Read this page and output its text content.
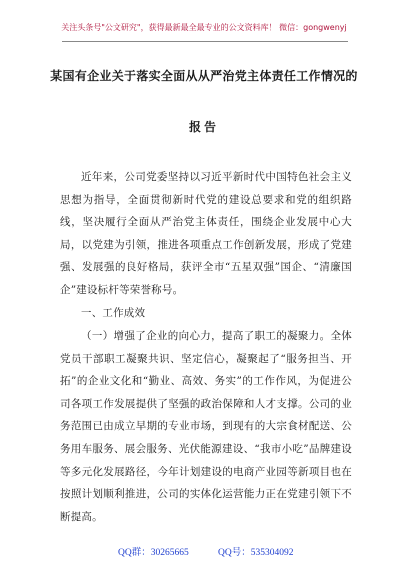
关注头条号"公文研究"，获得最新最全最专业的公文资料库！ 微信：gongwenyj
某国有企业关于落实全面从从严治党主体责任工作情况的
报告
近年来，公司党委坚持以习近平新时代中国特色社会主义思想为指导，全面贯彻新时代党的建设总要求和党的组织路线，坚决履行全面从严治党主体责任，围绕企业发展中心大局，以党建为引领，推进各项重点工作创新发展，形成了党建强、发展强的良好格局，获评全市“五星双强”国企、“清廉国企”建设标杆等荣誉称号。
一、工作成效
（一）增强了企业的向心力，提高了职工的凝聚力。全体党员干部职工凝聚共识、坚定信心，凝聚起了“服务担当、开拓”的企业文化和“勤业、高效、务实”的工作作风，为促进公司各项工作发展提供了坚强的政治保障和人才支撑。公司的业务范围已由成立早期的专业市场，到现有的大宗食材配送、公务用车服务、展会服务、光伏能源建设、“我市小吃”品牌建设等多元化发展路径，今年计划建设的电商产业园等新项目也在按照计划顺利推进，公司的实体化运营能力正在党建引领下不断提高。
QQ群：30265665	QQ号：535304092
